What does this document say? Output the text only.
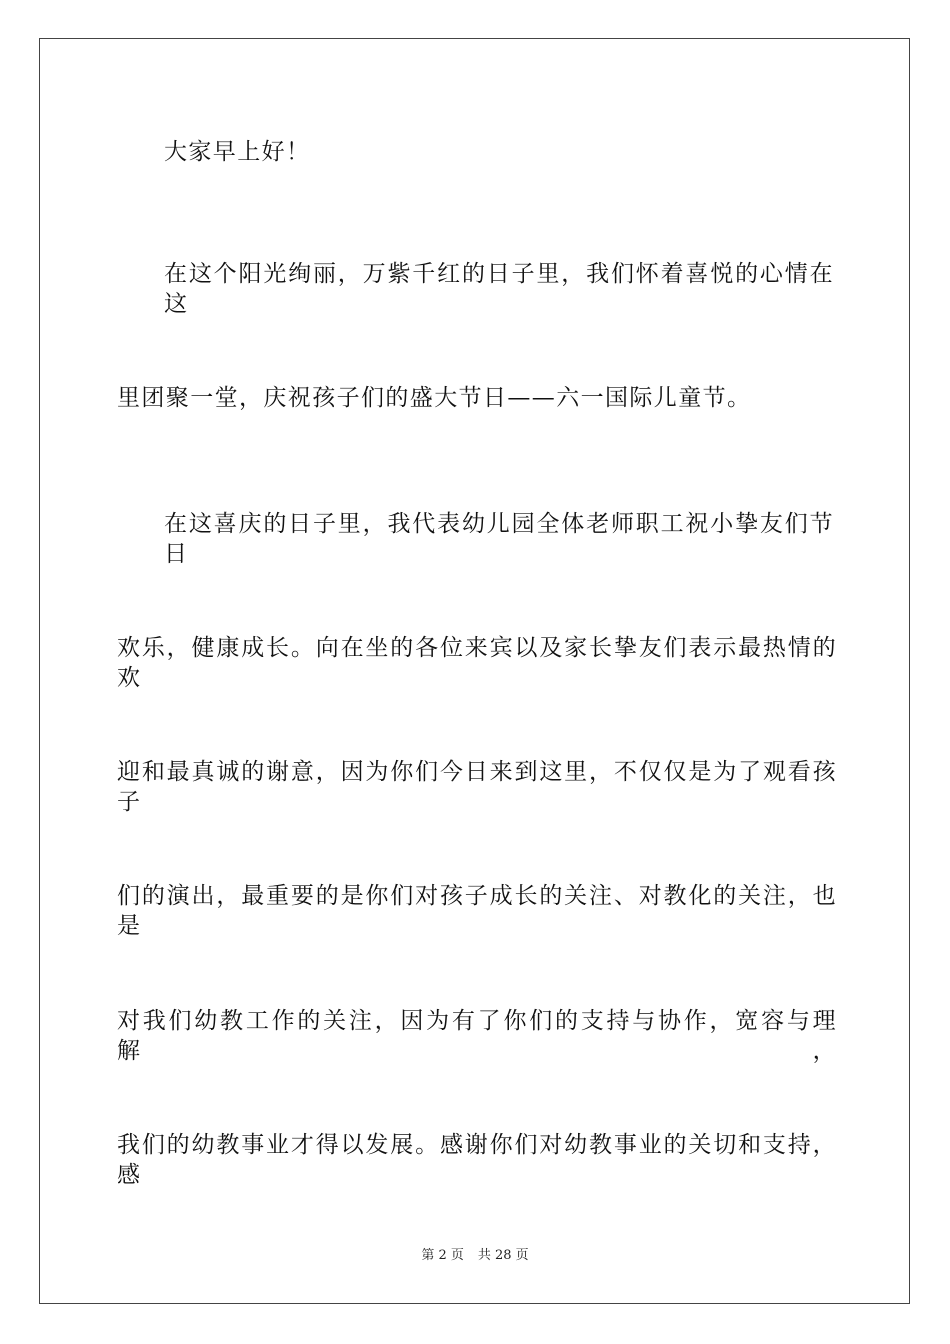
大家早上好！
在这个阳光绚丽，万紫千红的日子里，我们怀着喜悦的心情在这
里团聚一堂，庆祝孩子们的盛大节日——六一国际儿童节。
在这喜庆的日子里，我代表幼儿园全体老师职工祝小挚友们节日
欢乐，健康成长。向在坐的各位来宾以及家长挚友们表示最热情的欢
迎和最真诚的谢意，因为你们今日来到这里，不仅仅是为了观看孩子
们的演出，最重要的是你们对孩子成长的关注、对教化的关注，也是
对我们幼教工作的关注，因为有了你们的支持与协作，宽容与理解，
我们的幼教事业才得以发展。感谢你们对幼教事业的关切和支持，感
第 2 页 共 28 页
